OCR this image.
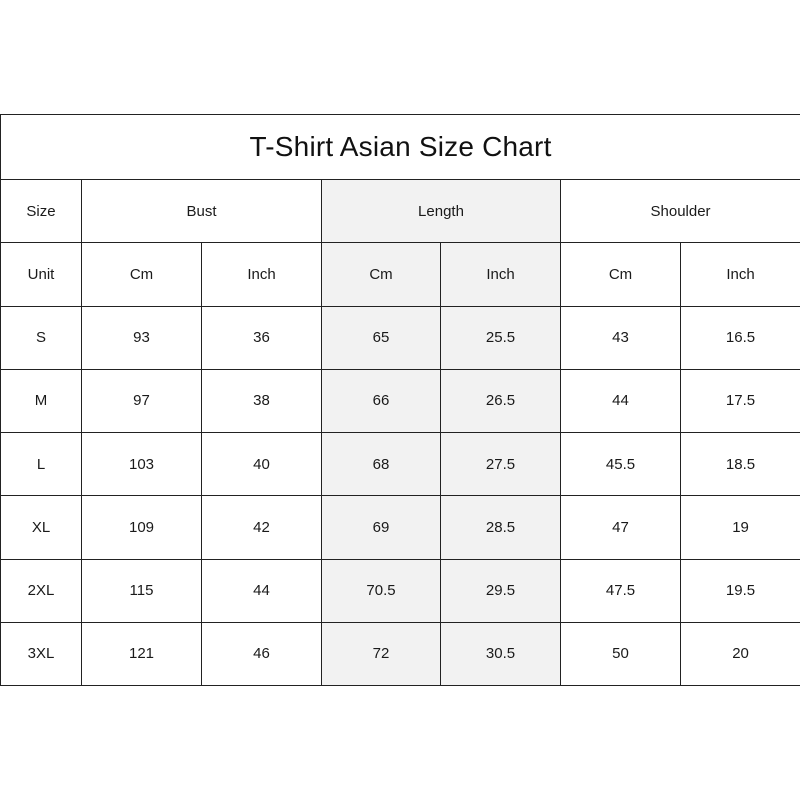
T-Shirt Asian Size Chart						
Size	Bust		Length		Shoulder	
Unit	Cm	Inch	Cm	Inch	Cm	Inch
S	93	36	65	25.5	43	16.5
M	97	38	66	26.5	44	17.5
L	103	40	68	27.5	45.5	18.5
XL	109	42	69	28.5	47	19
2XL	115	44	70.5	29.5	47.5	19.5
3XL	121	46	72	30.5	50	20
